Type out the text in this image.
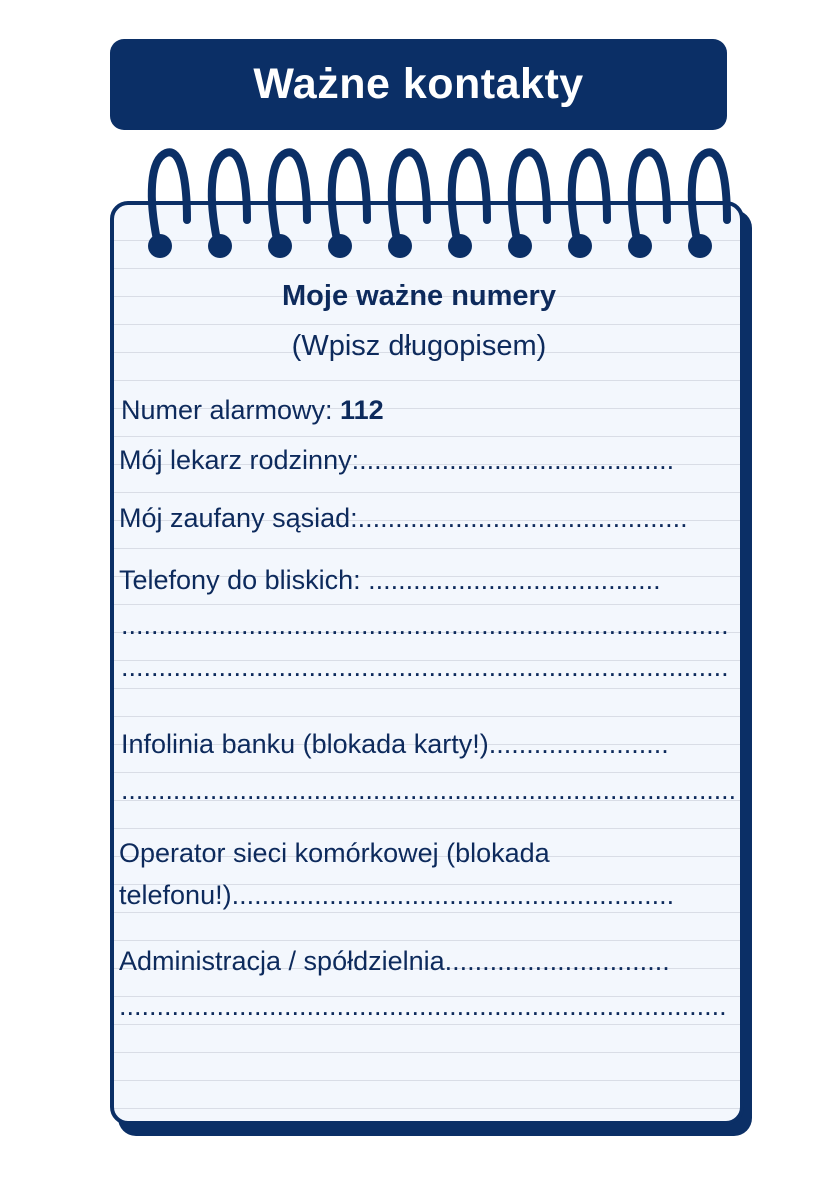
Ważne kontakty
Moje ważne numery
(Wpisz długopisem)
Numer alarmowy: 112
Mój lekarz rodzinny:..........................................
Mój zaufany sąsiad:............................................
Telefony do bliskich: .......................................
.................................................................................
.................................................................................
Infolinia banku (blokada karty!)........................
...................................................................................
Operator sieci komórkowej (blokada
telefonu!)...........................................................
Administracja / spółdzielnia..............................
.................................................................................
